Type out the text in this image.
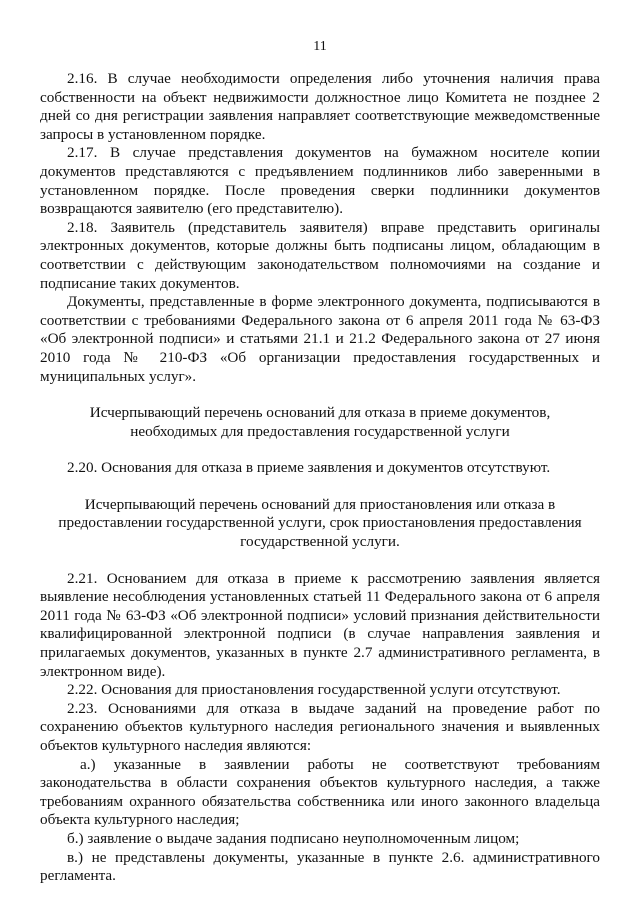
11

2.16. В случае необходимости определения либо уточнения наличия права собственности на объект недвижимости должностное лицо Комитета не позднее 2 дней со дня регистрации заявления направляет соответствующие межведомственные запросы в установленном порядке.

2.17. В случае представления документов на бумажном носителе копии документов представляются с предъявлением подлинников либо заверенными в установленном порядке. После проведения сверки подлинники документов возвращаются заявителю (его представителю).

2.18. Заявитель (представитель заявителя) вправе представить оригиналы электронных документов, которые должны быть подписаны лицом, обладающим в соответствии с действующим законодательством полномочиями на создание и подписание таких документов.

Документы, представленные в форме электронного документа, подписываются в соответствии с требованиями Федерального закона от 6 апреля 2011 года № 63-ФЗ «Об электронной подписи» и статьями 21.1 и 21.2 Федерального закона от 27 июня 2010 года № 210-ФЗ «Об организации предоставления государственных и муниципальных услуг».

Исчерпывающий перечень оснований для отказа в приеме документов,

необходимых для предоставления государственной услуги

2.20. Основания для отказа в приеме заявления и документов отсутствуют.

Исчерпывающий перечень оснований для приостановления или отказа в

предоставлении государственной услуги, срок приостановления предоставления

государственной услуги.

2.21. Основанием для отказа в приеме к рассмотрению заявления является выявление несоблюдения установленных статьей 11 Федерального закона от 6 апреля 2011 года № 63-ФЗ «Об электронной подписи» условий признания действительности квалифицированной электронной подписи (в случае направления заявления и прилагаемых документов, указанных в пункте 2.7 административного регламента, в электронном виде).

2.22. Основания для приостановления государственной услуги отсутствуют.

2.23. Основаниями для отказа в выдаче заданий на проведение работ по сохранению объектов культурного наследия регионального значения и выявленных объектов культурного наследия являются:

а.) указанные в заявлении работы не соответствуют требованиям законодательства в области сохранения объектов культурного наследия, а также требованиям охранного обязательства собственника или иного законного владельца объекта культурного наследия;

б.) заявление о выдаче задания подписано неуполномоченным лицом;

в.) не представлены документы, указанные в пункте 2.6. административного регламента.
